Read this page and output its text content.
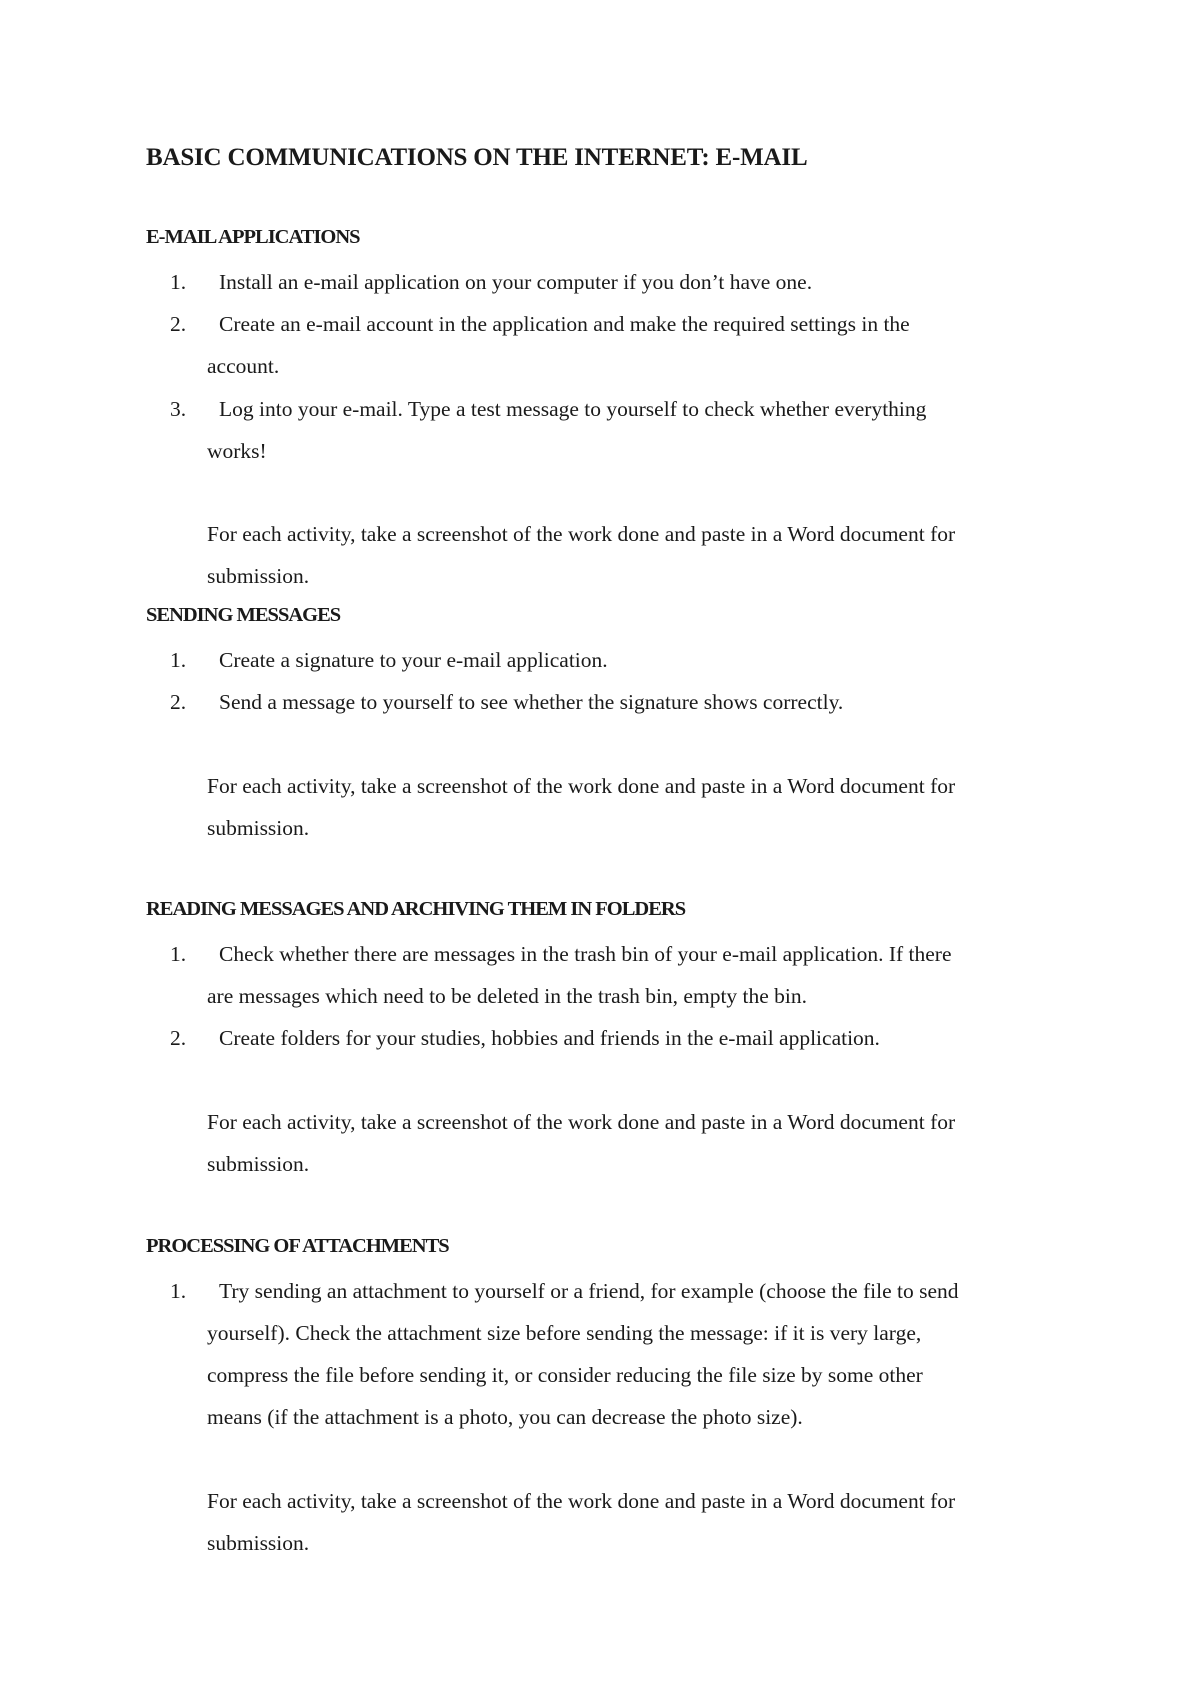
BASIC COMMUNICATIONS ON THE INTERNET: E-MAIL
E-MAIL APPLICATIONS
1. Install an e-mail application on your computer if you don’t have one.
2. Create an e-mail account in the application and make the required settings in the
account.
3. Log into your e-mail. Type a test message to yourself to check whether everything
works!
For each activity, take a screenshot of the work done and paste in a Word document for
submission.
SENDING MESSAGES
1. Create a signature to your e-mail application.
2. Send a message to yourself to see whether the signature shows correctly.
For each activity, take a screenshot of the work done and paste in a Word document for
submission.
READING MESSAGES AND ARCHIVING THEM IN FOLDERS
1. Check whether there are messages in the trash bin of your e-mail application. If there
are messages which need to be deleted in the trash bin, empty the bin.
2. Create folders for your studies, hobbies and friends in the e-mail application.
For each activity, take a screenshot of the work done and paste in a Word document for
submission.
PROCESSING OF ATTACHMENTS
1. Try sending an attachment to yourself or a friend, for example (choose the file to send
yourself). Check the attachment size before sending the message: if it is very large,
compress the file before sending it, or consider reducing the file size by some other
means (if the attachment is a photo, you can decrease the photo size).
For each activity, take a screenshot of the work done and paste in a Word document for
submission.
